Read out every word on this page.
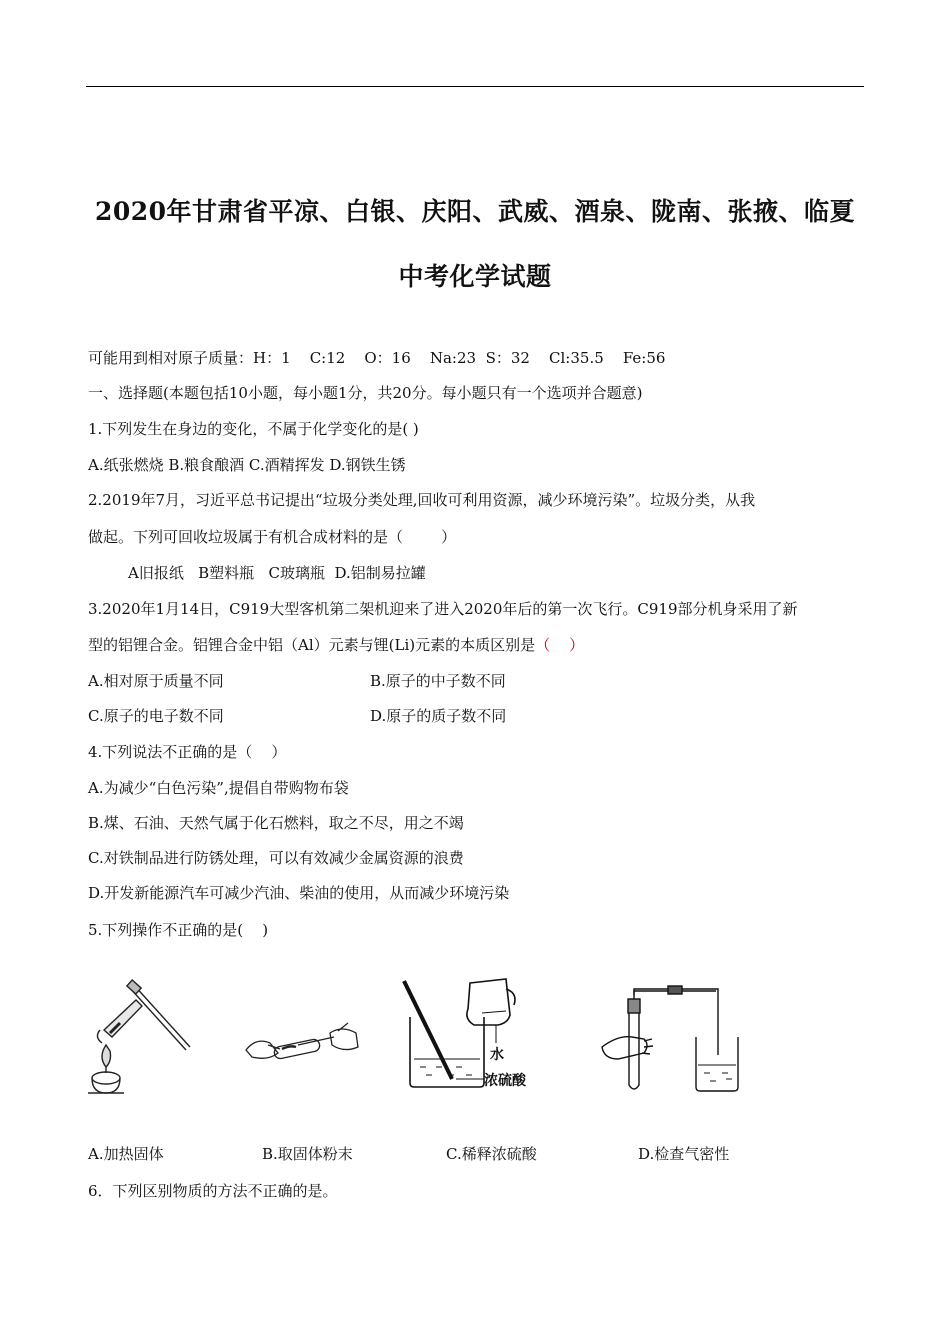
2020年甘肃省平凉、白银、庆阳、武威、酒泉、陇南、张掖、临夏
中考化学试题
可能用到相对原子质量：H：1    C:12    O：16    Na:23  S：32    Cl:35.5    Fe:56
一、选择题(本题包括10小题，每小题1分，共20分。每小题只有一个选项并合题意)
1.下列发生在身边的变化，不属于化学变化的是( )
A.纸张燃烧 B.粮食酿酒 C.酒精挥发 D.钢铁生锈
2.2019年7月，习近平总书记提出“垃圾分类处理,回收可利用资源，减少环境污染”。垃圾分类，从我
做起。下列可回收垃圾属于有机合成材料的是（        ）
A旧报纸   B塑料瓶   C玻璃瓶  D.铝制易拉罐
3.2020年1月14日，C919大型客机第二架机迎来了进入2020年后的第一次飞行。C919部分机身采用了新
型的铝锂合金。铝锂合金中铝（Al）元素与锂(Li)元素的本质区别是（    ）
A.相对原于质量不同	B.原子的中子数不同
C.原子的电子数不同	D.原子的质子数不同
4.下列说法不正确的是（    ）
A.为减少“白色污染”,提倡自带购物布袋
B.煤、石油、天然气属于化石燃料，取之不尽，用之不竭
C.对铁制品进行防锈处理，可以有效减少金属资源的浪费
D.开发新能源汽车可减少汽油、柴油的使用，从而减少环境污染
5.下列操作不正确的是(    )
水
浓硫酸
A.加热固体	B.取固体粉末	C.稀释浓硫酸	D.检查气密性
6．下列区别物质的方法不正确的是。
